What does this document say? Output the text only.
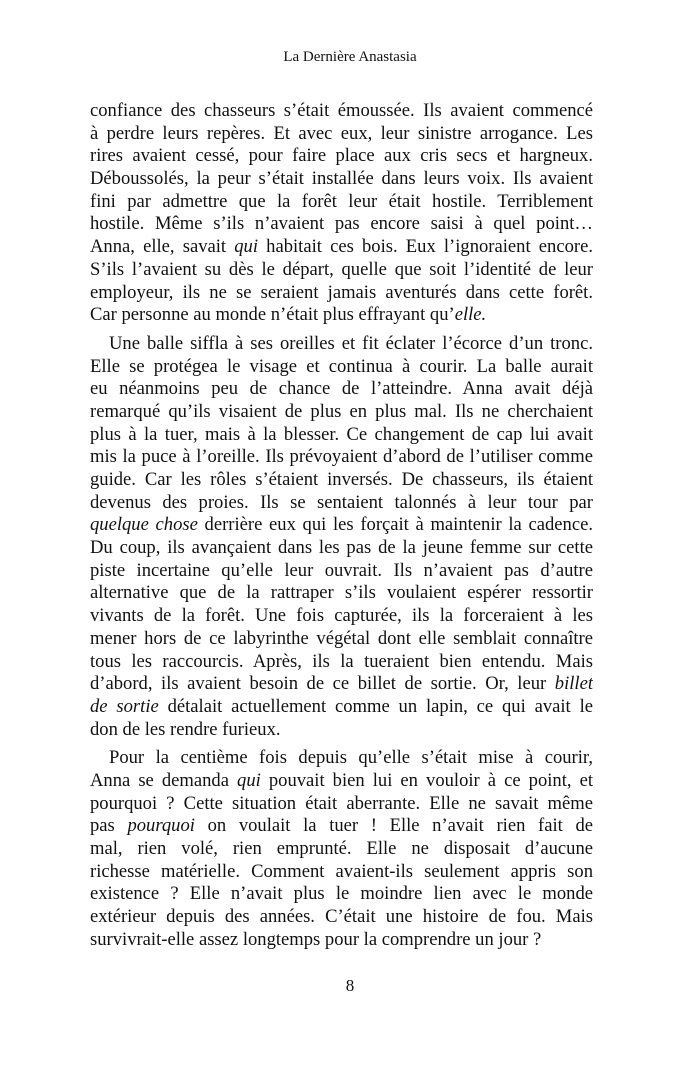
La Dernière Anastasia
confiance des chasseurs s’était émoussée. Ils avaient commencé
à perdre leurs repères. Et avec eux, leur sinistre arrogance. Les
rires avaient cessé, pour faire place aux cris secs et hargneux.
Déboussolés, la peur s’était installée dans leurs voix. Ils avaient
fini par admettre que la forêt leur était hostile. Terriblement
hostile. Même s’ils n’avaient pas encore saisi à quel point…
Anna, elle, savait qui habitait ces bois. Eux l’ignoraient encore.
S’ils l’avaient su dès le départ, quelle que soit l’identité de leur
employeur, ils ne se seraient jamais aventurés dans cette forêt.
Car personne au monde n’était plus effrayant qu’elle.
Une balle siffla à ses oreilles et fit éclater l’écorce d’un tronc.
Elle se protégea le visage et continua à courir. La balle aurait
eu néanmoins peu de chance de l’atteindre. Anna avait déjà
remarqué qu’ils visaient de plus en plus mal. Ils ne cherchaient
plus à la tuer, mais à la blesser. Ce changement de cap lui avait
mis la puce à l’oreille. Ils prévoyaient d’abord de l’utiliser comme
guide. Car les rôles s’étaient inversés. De chasseurs, ils étaient
devenus des proies. Ils se sentaient talonnés à leur tour par
quelque chose derrière eux qui les forçait à maintenir la cadence.
Du coup, ils avançaient dans les pas de la jeune femme sur cette
piste incertaine qu’elle leur ouvrait. Ils n’avaient pas d’autre
alternative que de la rattraper s’ils voulaient espérer ressortir
vivants de la forêt. Une fois capturée, ils la forceraient à les
mener hors de ce labyrinthe végétal dont elle semblait connaître
tous les raccourcis. Après, ils la tueraient bien entendu. Mais
d’abord, ils avaient besoin de ce billet de sortie. Or, leur billet
de sortie détalait actuellement comme un lapin, ce qui avait le
don de les rendre furieux.
Pour la centième fois depuis qu’elle s’était mise à courir,
Anna se demanda qui pouvait bien lui en vouloir à ce point, et
pourquoi ? Cette situation était aberrante. Elle ne savait même
pas pourquoi on voulait la tuer ! Elle n’avait rien fait de
mal, rien volé, rien emprunté. Elle ne disposait d’aucune
richesse matérielle. Comment avaient-ils seulement appris son
existence ? Elle n’avait plus le moindre lien avec le monde
extérieur depuis des années. C’était une histoire de fou. Mais
survivrait-elle assez longtemps pour la comprendre un jour ?
8
